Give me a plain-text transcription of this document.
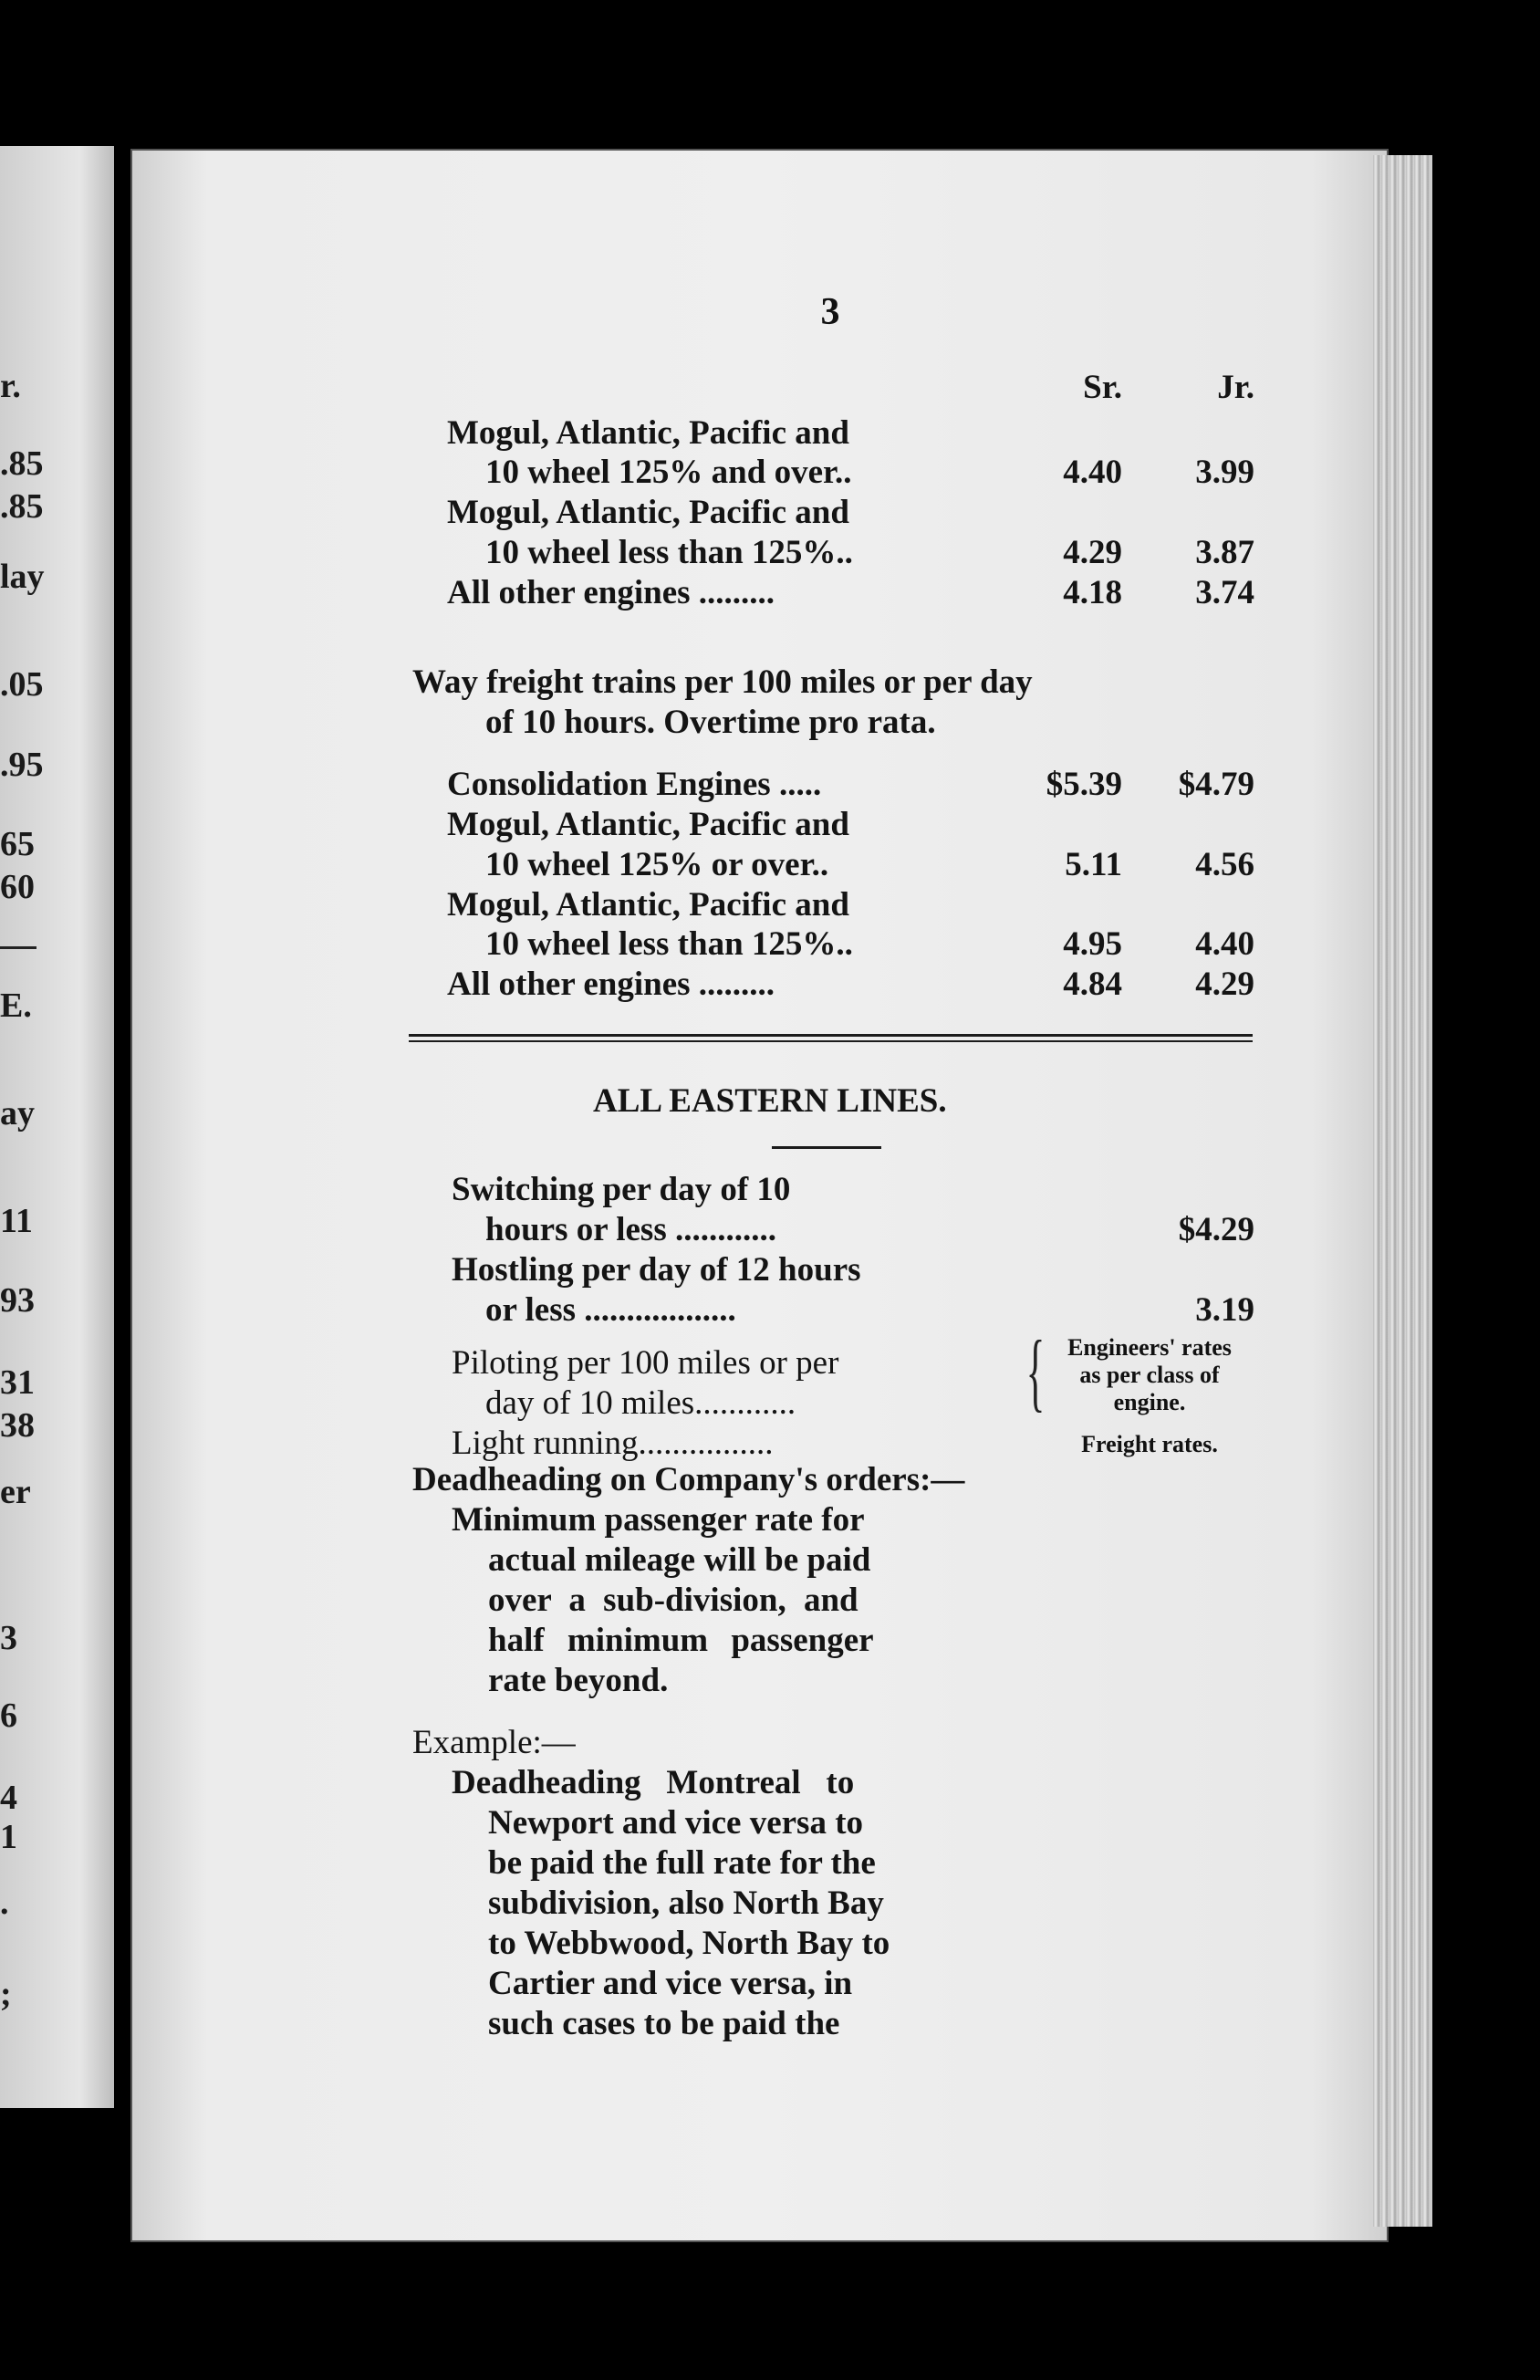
r.
.85
.85
lay
.05
.95
65
60
E.
ay
11
93
31
38
er
3
6
4
1
.
;
3
Sr.	Jr.
Mogul, Atlantic, Pacific and
10 wheel 125% and over..	4.40	3.99
Mogul, Atlantic, Pacific and
10 wheel less than 125%..	4.29	3.87
All other engines .........	4.18	3.74
Way freight trains per 100 miles or per day
of 10 hours. Overtime pro rata.
Consolidation Engines .....	$5.39	$4.79
Mogul, Atlantic, Pacific and
10 wheel 125% or over..	5.11	4.56
Mogul, Atlantic, Pacific and
10 wheel less than 125%..	4.95	4.40
All other engines .........	4.84	4.29
ALL EASTERN LINES.
Switching per day of 10
hours or less ............	$4.29
Hostling per day of 12 hours
or less ..................	3.19
Piloting per 100 miles or per
day of 10 miles............	{ Engineers' rates
as per class of
engine.
Light running................	Freight rates.
Deadheading on Company's orders:—
Minimum passenger rate for
actual mileage will be paid
over a sub-division, and
half minimum passenger
rate beyond.
Example:—
Deadheading   Montreal   to
Newport and vice versa to
be paid the full rate for the
subdivision, also North Bay
to Webbwood, North Bay to
Cartier and vice versa, in
such cases to be paid the
